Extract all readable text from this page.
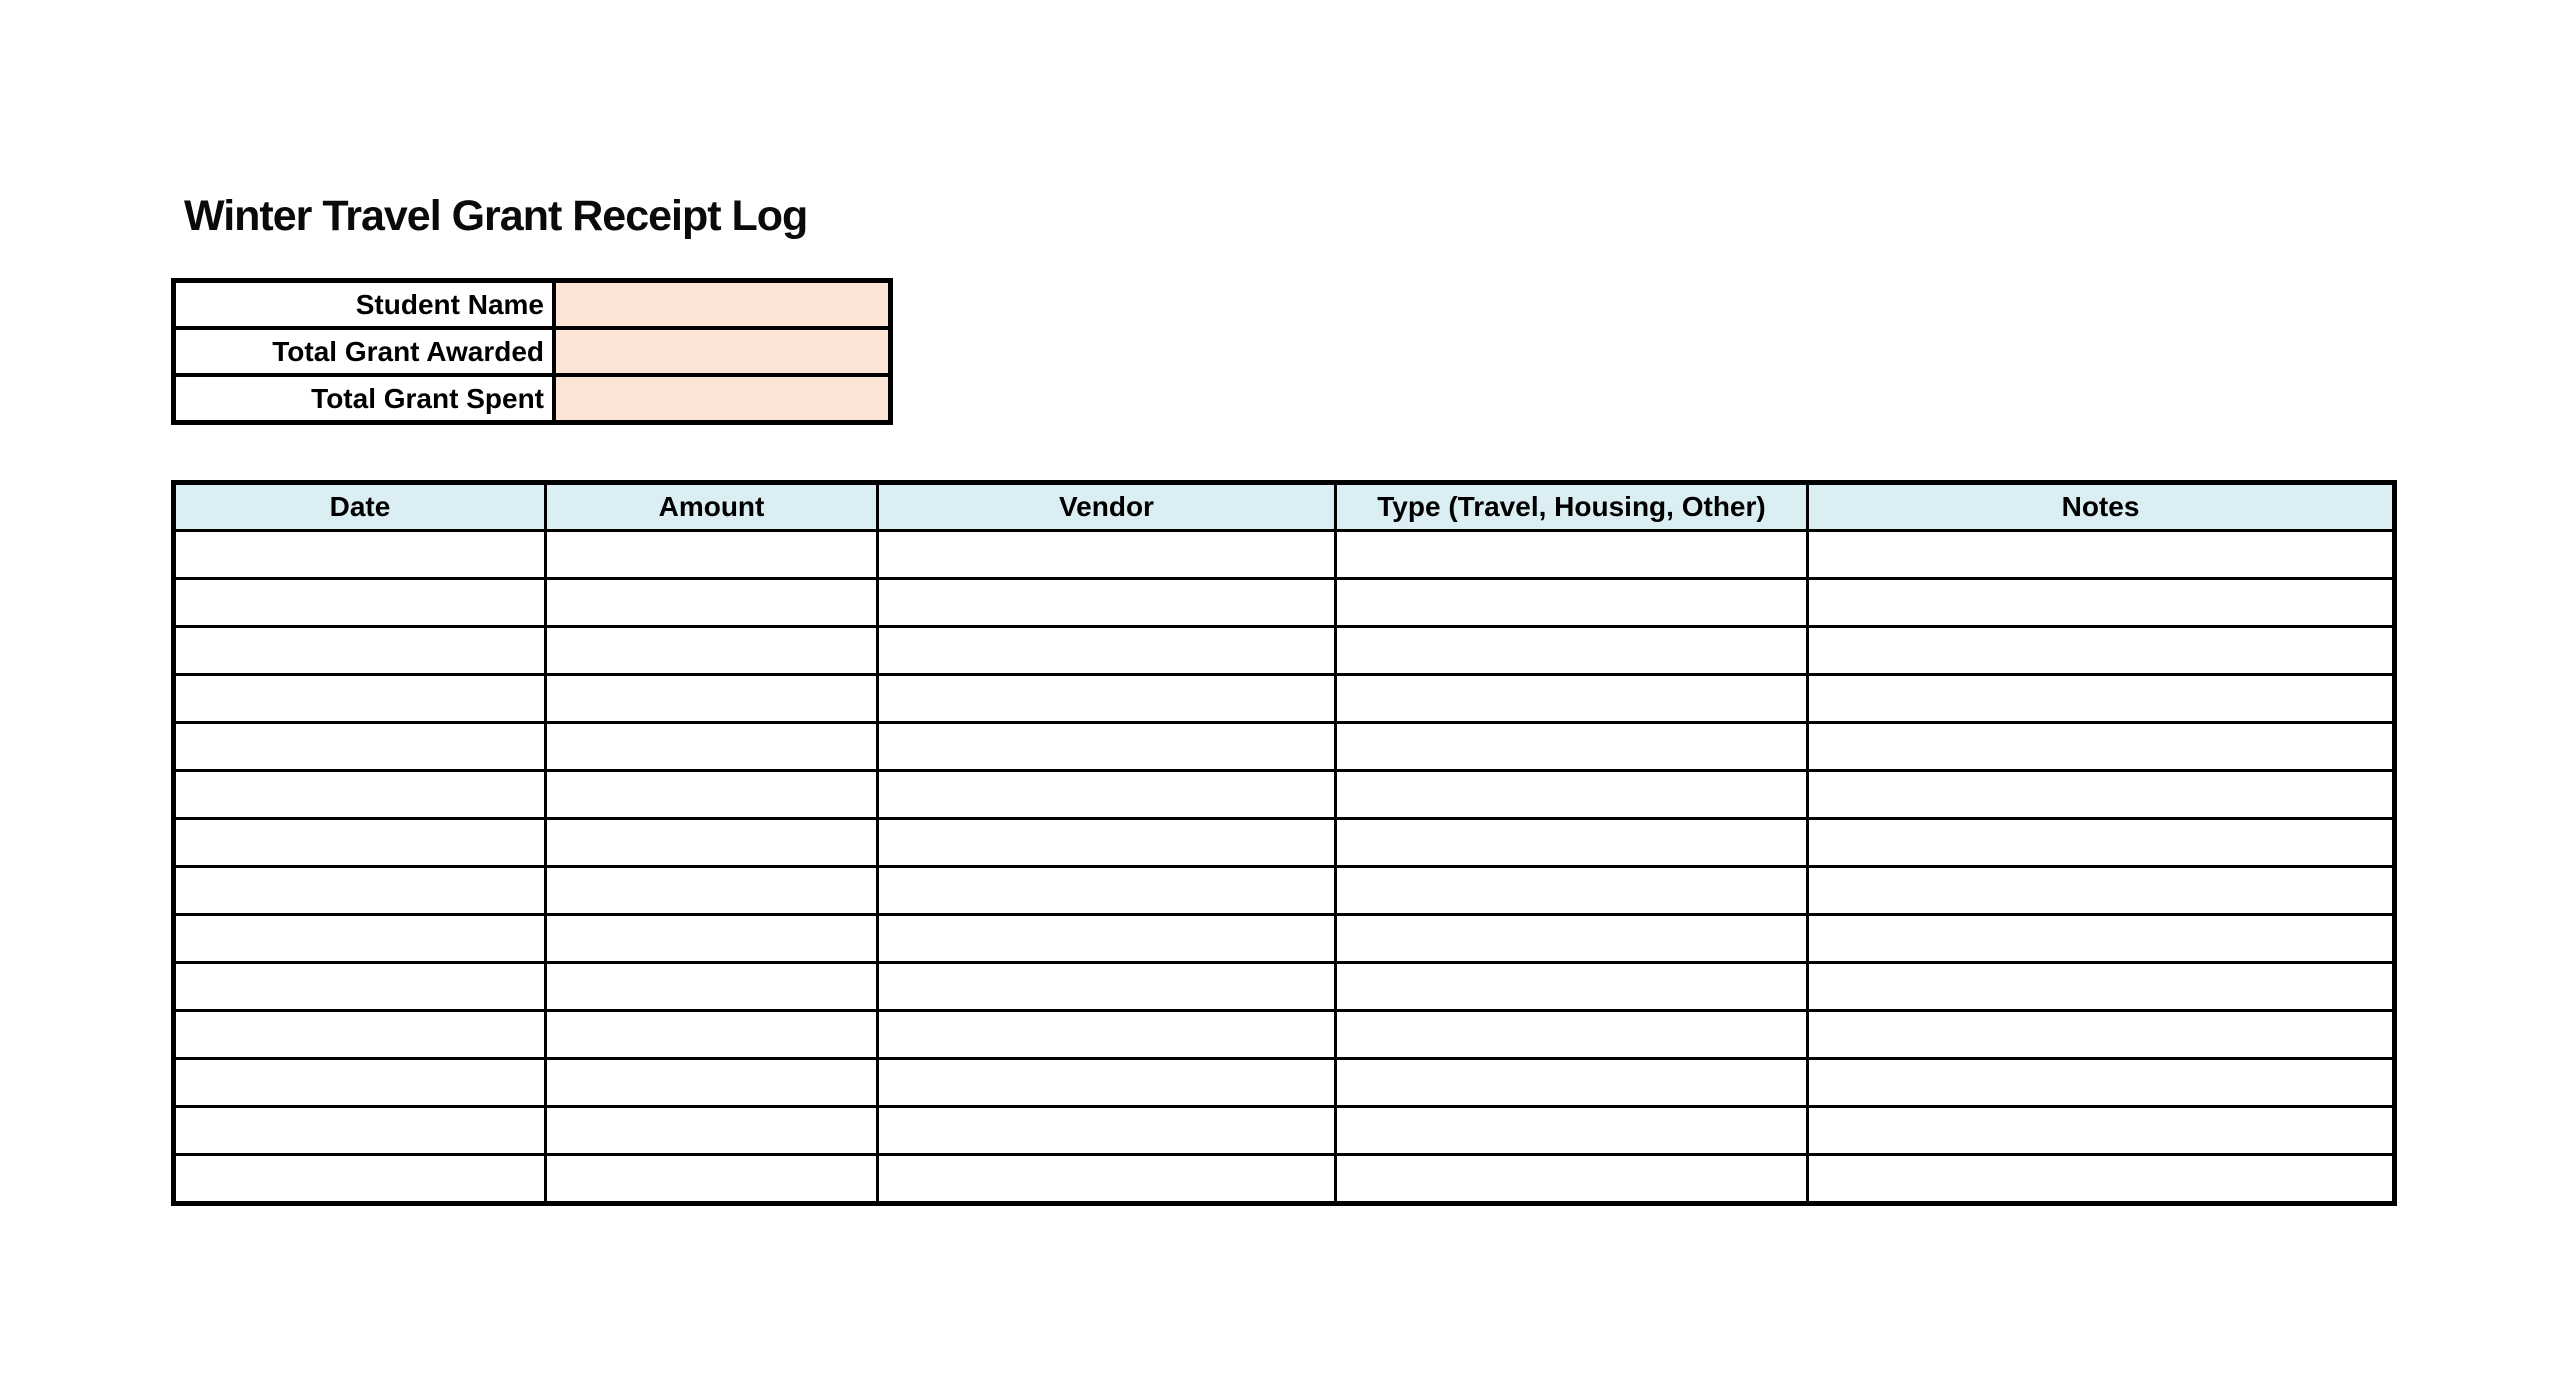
Winter Travel Grant Receipt Log
Student Name	
Total Grant Awarded	
Total Grant Spent	
Date	Amount	Vendor	Type (Travel, Housing, Other)	Notes
